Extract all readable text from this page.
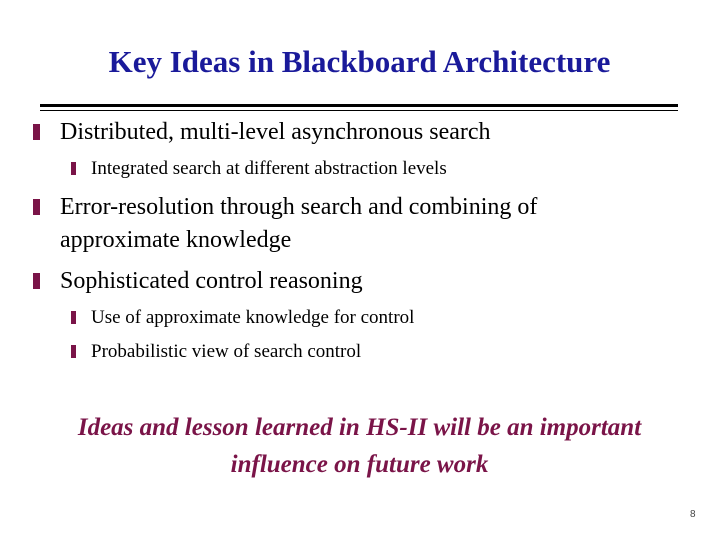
Key Ideas in Blackboard Architecture
Distributed, multi-level asynchronous search
Integrated search at different abstraction levels
Error-resolution through search and combining of
approximate knowledge
Sophisticated control reasoning
Use of approximate knowledge for control
Probabilistic view of search control
Ideas and lesson learned in HS-II will be an important
influence on future work
8
